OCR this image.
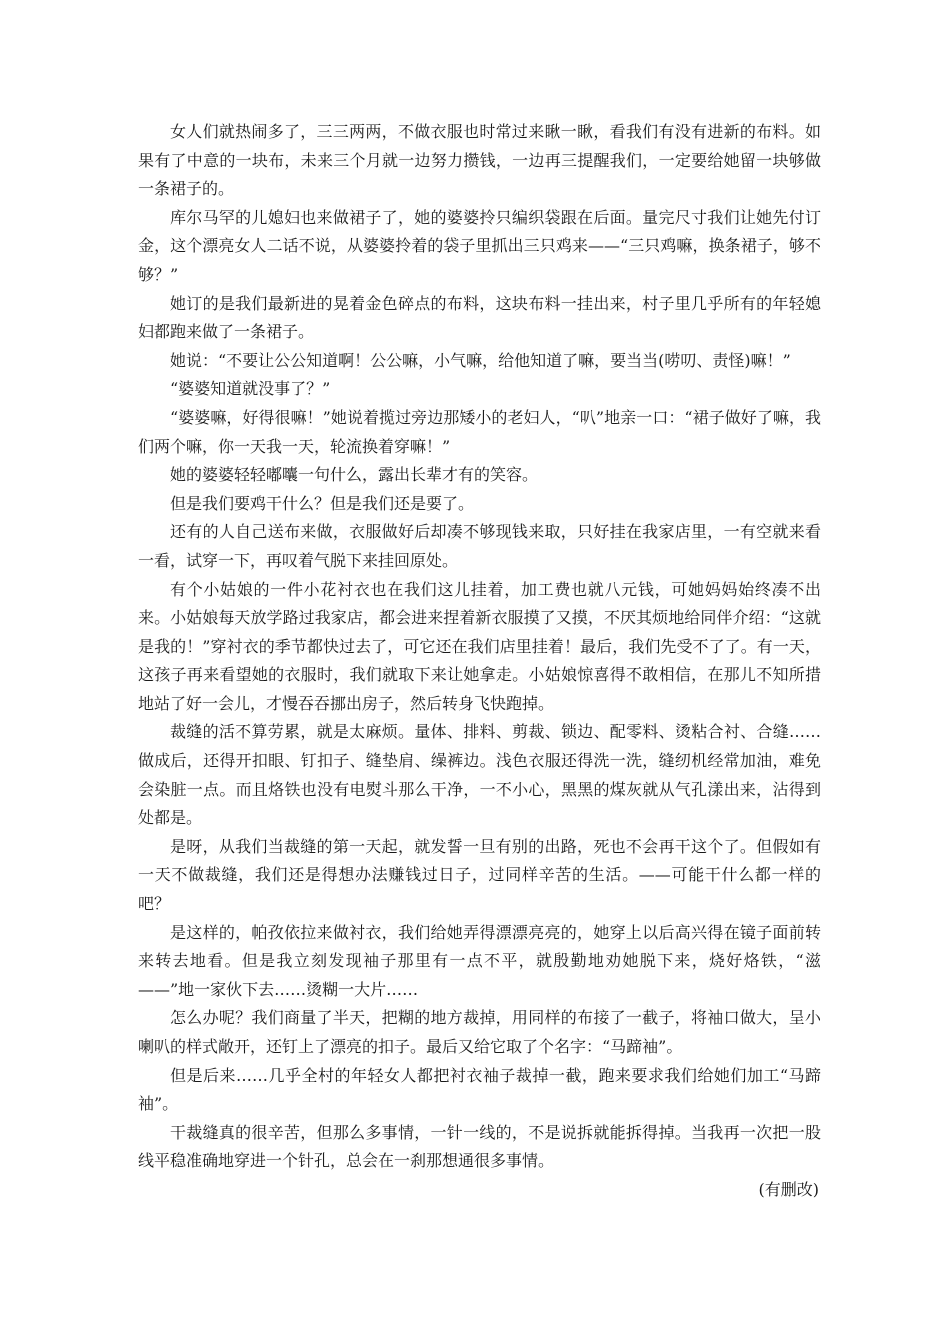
女人们就热闹多了，三三两两，不做衣服也时常过来瞅一瞅，看我们有没有进新的布料。如果有了中意的一块布，未来三个月就一边努力攒钱，一边再三提醒我们，一定要给她留一块够做一条裙子的。

库尔马罕的儿媳妇也来做裙子了，她的婆婆拎只编织袋跟在后面。量完尺寸我们让她先付订金，这个漂亮女人二话不说，从婆婆拎着的袋子里抓出三只鸡来——“三只鸡嘛，换条裙子，够不够？”

她订的是我们最新进的晃着金色碎点的布料，这块布料一挂出来，村子里几乎所有的年轻媳妇都跑来做了一条裙子。

她说：“不要让公公知道啊！公公嘛，小气嘛，给他知道了嘛，要当当(唠叨、责怪)嘛！”

“婆婆知道就没事了？”

“婆婆嘛，好得很嘛！”她说着揽过旁边那矮小的老妇人，“叭”地亲一口：“裙子做好了嘛，我们两个嘛，你一天我一天，轮流换着穿嘛！”

她的婆婆轻轻嘟囔一句什么，露出长辈才有的笑容。

但是我们要鸡干什么？但是我们还是要了。

还有的人自己送布来做，衣服做好后却凑不够现钱来取，只好挂在我家店里，一有空就来看一看，试穿一下，再叹着气脱下来挂回原处。

有个小姑娘的一件小花衬衣也在我们这儿挂着，加工费也就八元钱，可她妈妈始终凑不出来。小姑娘每天放学路过我家店，都会进来捏着新衣服摸了又摸，不厌其烦地给同伴介绍：“这就是我的！”穿衬衣的季节都快过去了，可它还在我们店里挂着！最后，我们先受不了了。有一天，这孩子再来看望她的衣服时，我们就取下来让她拿走。小姑娘惊喜得不敢相信，在那儿不知所措地站了好一会儿，才慢吞吞挪出房子，然后转身飞快跑掉。

裁缝的活不算劳累，就是太麻烦。量体、排料、剪裁、锁边、配零料、烫粘合衬、合缝……做成后，还得开扣眼、钉扣子、缝垫肩、缲裤边。浅色衣服还得洗一洗，缝纫机经常加油，难免会染脏一点。而且烙铁也没有电熨斗那么干净，一不小心，黑黑的煤灰就从气孔漾出来，沾得到处都是。

是呀，从我们当裁缝的第一天起，就发誓一旦有别的出路，死也不会再干这个了。但假如有一天不做裁缝，我们还是得想办法赚钱过日子，过同样辛苦的生活。——可能干什么都一样的吧？

是这样的，帕孜依拉来做衬衣，我们给她弄得漂漂亮亮的，她穿上以后高兴得在镜子面前转来转去地看。但是我立刻发现袖子那里有一点不平，就殷勤地劝她脱下来，烧好烙铁，“滋——”地一家伙下去……烫糊一大片……

怎么办呢？我们商量了半天，把糊的地方裁掉，用同样的布接了一截子，将袖口做大，呈小喇叭的样式敞开，还钉上了漂亮的扣子。最后又给它取了个名字：“马蹄袖”。

但是后来……几乎全村的年轻女人都把衬衣袖子裁掉一截，跑来要求我们给她们加工“马蹄袖”。

干裁缝真的很辛苦，但那么多事情，一针一线的，不是说拆就能拆得掉。当我再一次把一股线平稳准确地穿进一个针孔，总会在一刹那想通很多事情。

(有删改)
